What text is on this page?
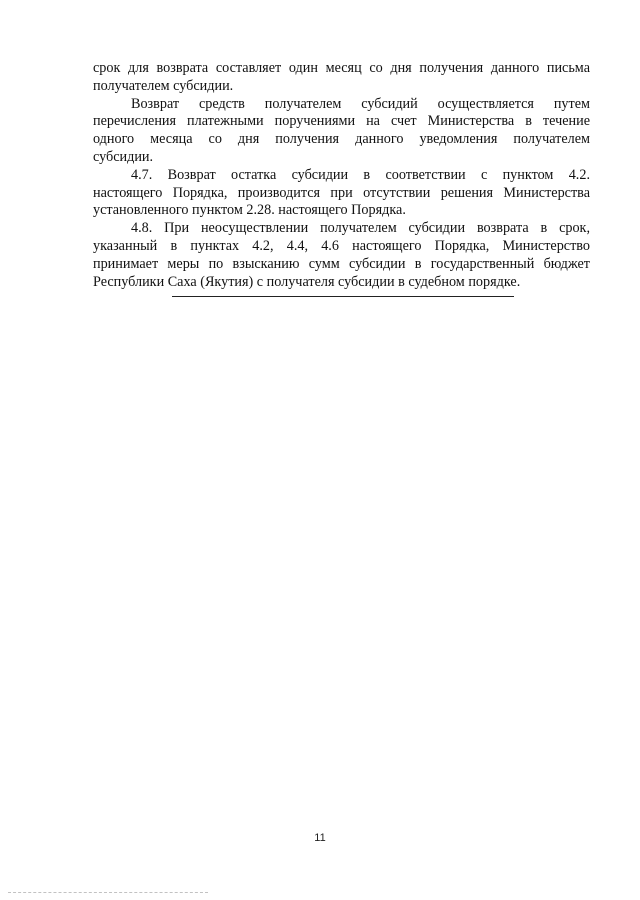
срок для возврата составляет один месяц со дня получения данного письма
получателем субсидии.

Возврат средств получателем субсидий осуществляется путем
перечисления платежными поручениями на счет Министерства в течение
одного месяца со дня получения данного уведомления получателем
субсидии.

4.7. Возврат остатка субсидии в соответствии с пунктом 4.2.
настоящего Порядка, производится при отсутствии решения Министерства
установленного пунктом 2.28. настоящего Порядка.

4.8. При неосуществлении получателем субсидии возврата в срок,
указанный в пунктах 4.2, 4.4, 4.6 настоящего Порядка, Министерство
принимает меры по взысканию сумм субсидии в государственный бюджет
Республики Саха (Якутия) с получателя субсидии в судебном порядке.

11
